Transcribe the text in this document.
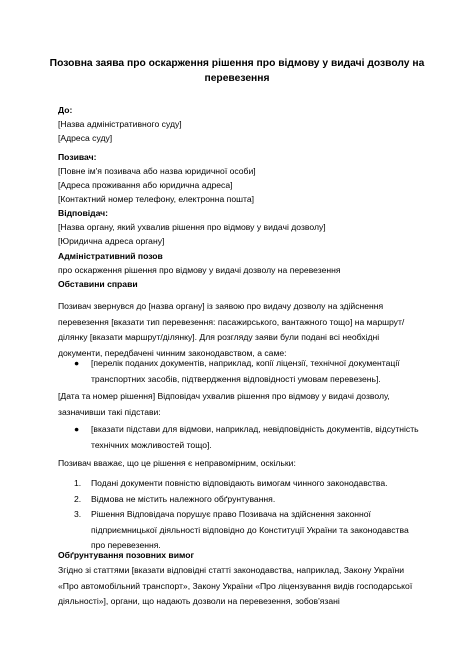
Позовна заява про оскарження рішення про відмову у видачі дозволу на перевезення
До:
[Назва адміністративного суду]
[Адреса суду]
Позивач:
[Повне ім'я позивача або назва юридичної особи]
[Адреса проживання або юридична адреса]
[Контактний номер телефону, електронна пошта]
Відповідач:
[Назва органу, який ухвалив рішення про відмову у видачі дозволу]
[Юридична адреса органу]
Адміністративний позов
про оскарження рішення про відмову у видачі дозволу на перевезення
Обставини справи

Позивач звернувся до [назва органу] із заявою про видачу дозволу на здійснення перевезення [вказати тип перевезення: пасажирського, вантажного тощо] на маршрут/ділянку [вказати маршрут/ділянку]. Для розгляду заяви були подані всі необхідні документи, передбачені чинним законодавством, а саме:

● [перелік поданих документів, наприклад, копії ліцензії, технічної документації транспортних засобів, підтвердження відповідності умовам перевезень].

[Дата та номер рішення] Відповідач ухвалив рішення про відмову у видачі дозволу, зазначивши такі підстави:

● [вказати підстави для відмови, наприклад, невідповідність документів, відсутність технічних можливостей тощо].

Позивач вважає, що це рішення є неправомірним, оскільки:

1. Подані документи повністю відповідають вимогам чинного законодавства.
2. Відмова не містить належного обґрунтування.
3. Рішення Відповідача порушує право Позивача на здійснення законної підприємницької діяльності відповідно до Конституції України та законодавства про перевезення.
Обґрунтування позовних вимог

Згідно зі статтями [вказати відповідні статті законодавства, наприклад, Закону України «Про автомобільний транспорт», Закону України «Про ліцензування видів господарської діяльності»], органи, що надають дозволи на перевезення, зобов'язані
